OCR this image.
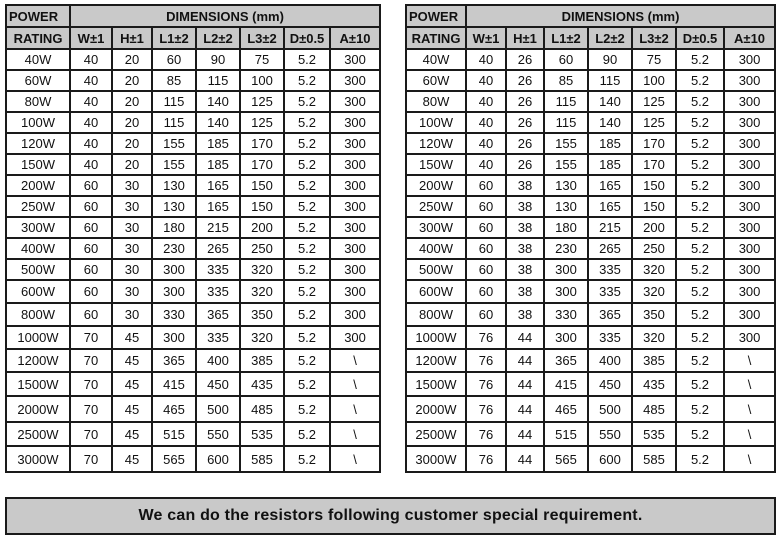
POWER	DIMENSIONS (mm)						
RATING	W±1	H±1	L1±2	L2±2	L3±2	D±0.5	A±10
40W	40	20	60	90	75	5.2	300
60W	40	20	85	115	100	5.2	300
80W	40	20	115	140	125	5.2	300
100W	40	20	115	140	125	5.2	300
120W	40	20	155	185	170	5.2	300
150W	40	20	155	185	170	5.2	300
200W	60	30	130	165	150	5.2	300
250W	60	30	130	165	150	5.2	300
300W	60	30	180	215	200	5.2	300
400W	60	30	230	265	250	5.2	300
500W	60	30	300	335	320	5.2	300
600W	60	30	300	335	320	5.2	300
800W	60	30	330	365	350	5.2	300
1000W	70	45	300	335	320	5.2	300
1200W	70	45	365	400	385	5.2	\
1500W	70	45	415	450	435	5.2	\
2000W	70	45	465	500	485	5.2	\
2500W	70	45	515	550	535	5.2	\
3000W	70	45	565	600	585	5.2	\
POWER	DIMENSIONS (mm)						
RATING	W±1	H±1	L1±2	L2±2	L3±2	D±0.5	A±10
40W	40	26	60	90	75	5.2	300
60W	40	26	85	115	100	5.2	300
80W	40	26	115	140	125	5.2	300
100W	40	26	115	140	125	5.2	300
120W	40	26	155	185	170	5.2	300
150W	40	26	155	185	170	5.2	300
200W	60	38	130	165	150	5.2	300
250W	60	38	130	165	150	5.2	300
300W	60	38	180	215	200	5.2	300
400W	60	38	230	265	250	5.2	300
500W	60	38	300	335	320	5.2	300
600W	60	38	300	335	320	5.2	300
800W	60	38	330	365	350	5.2	300
1000W	76	44	300	335	320	5.2	300
1200W	76	44	365	400	385	5.2	\
1500W	76	44	415	450	435	5.2	\
2000W	76	44	465	500	485	5.2	\
2500W	76	44	515	550	535	5.2	\
3000W	76	44	565	600	585	5.2	\
We can do the resistors following customer special requirement.
